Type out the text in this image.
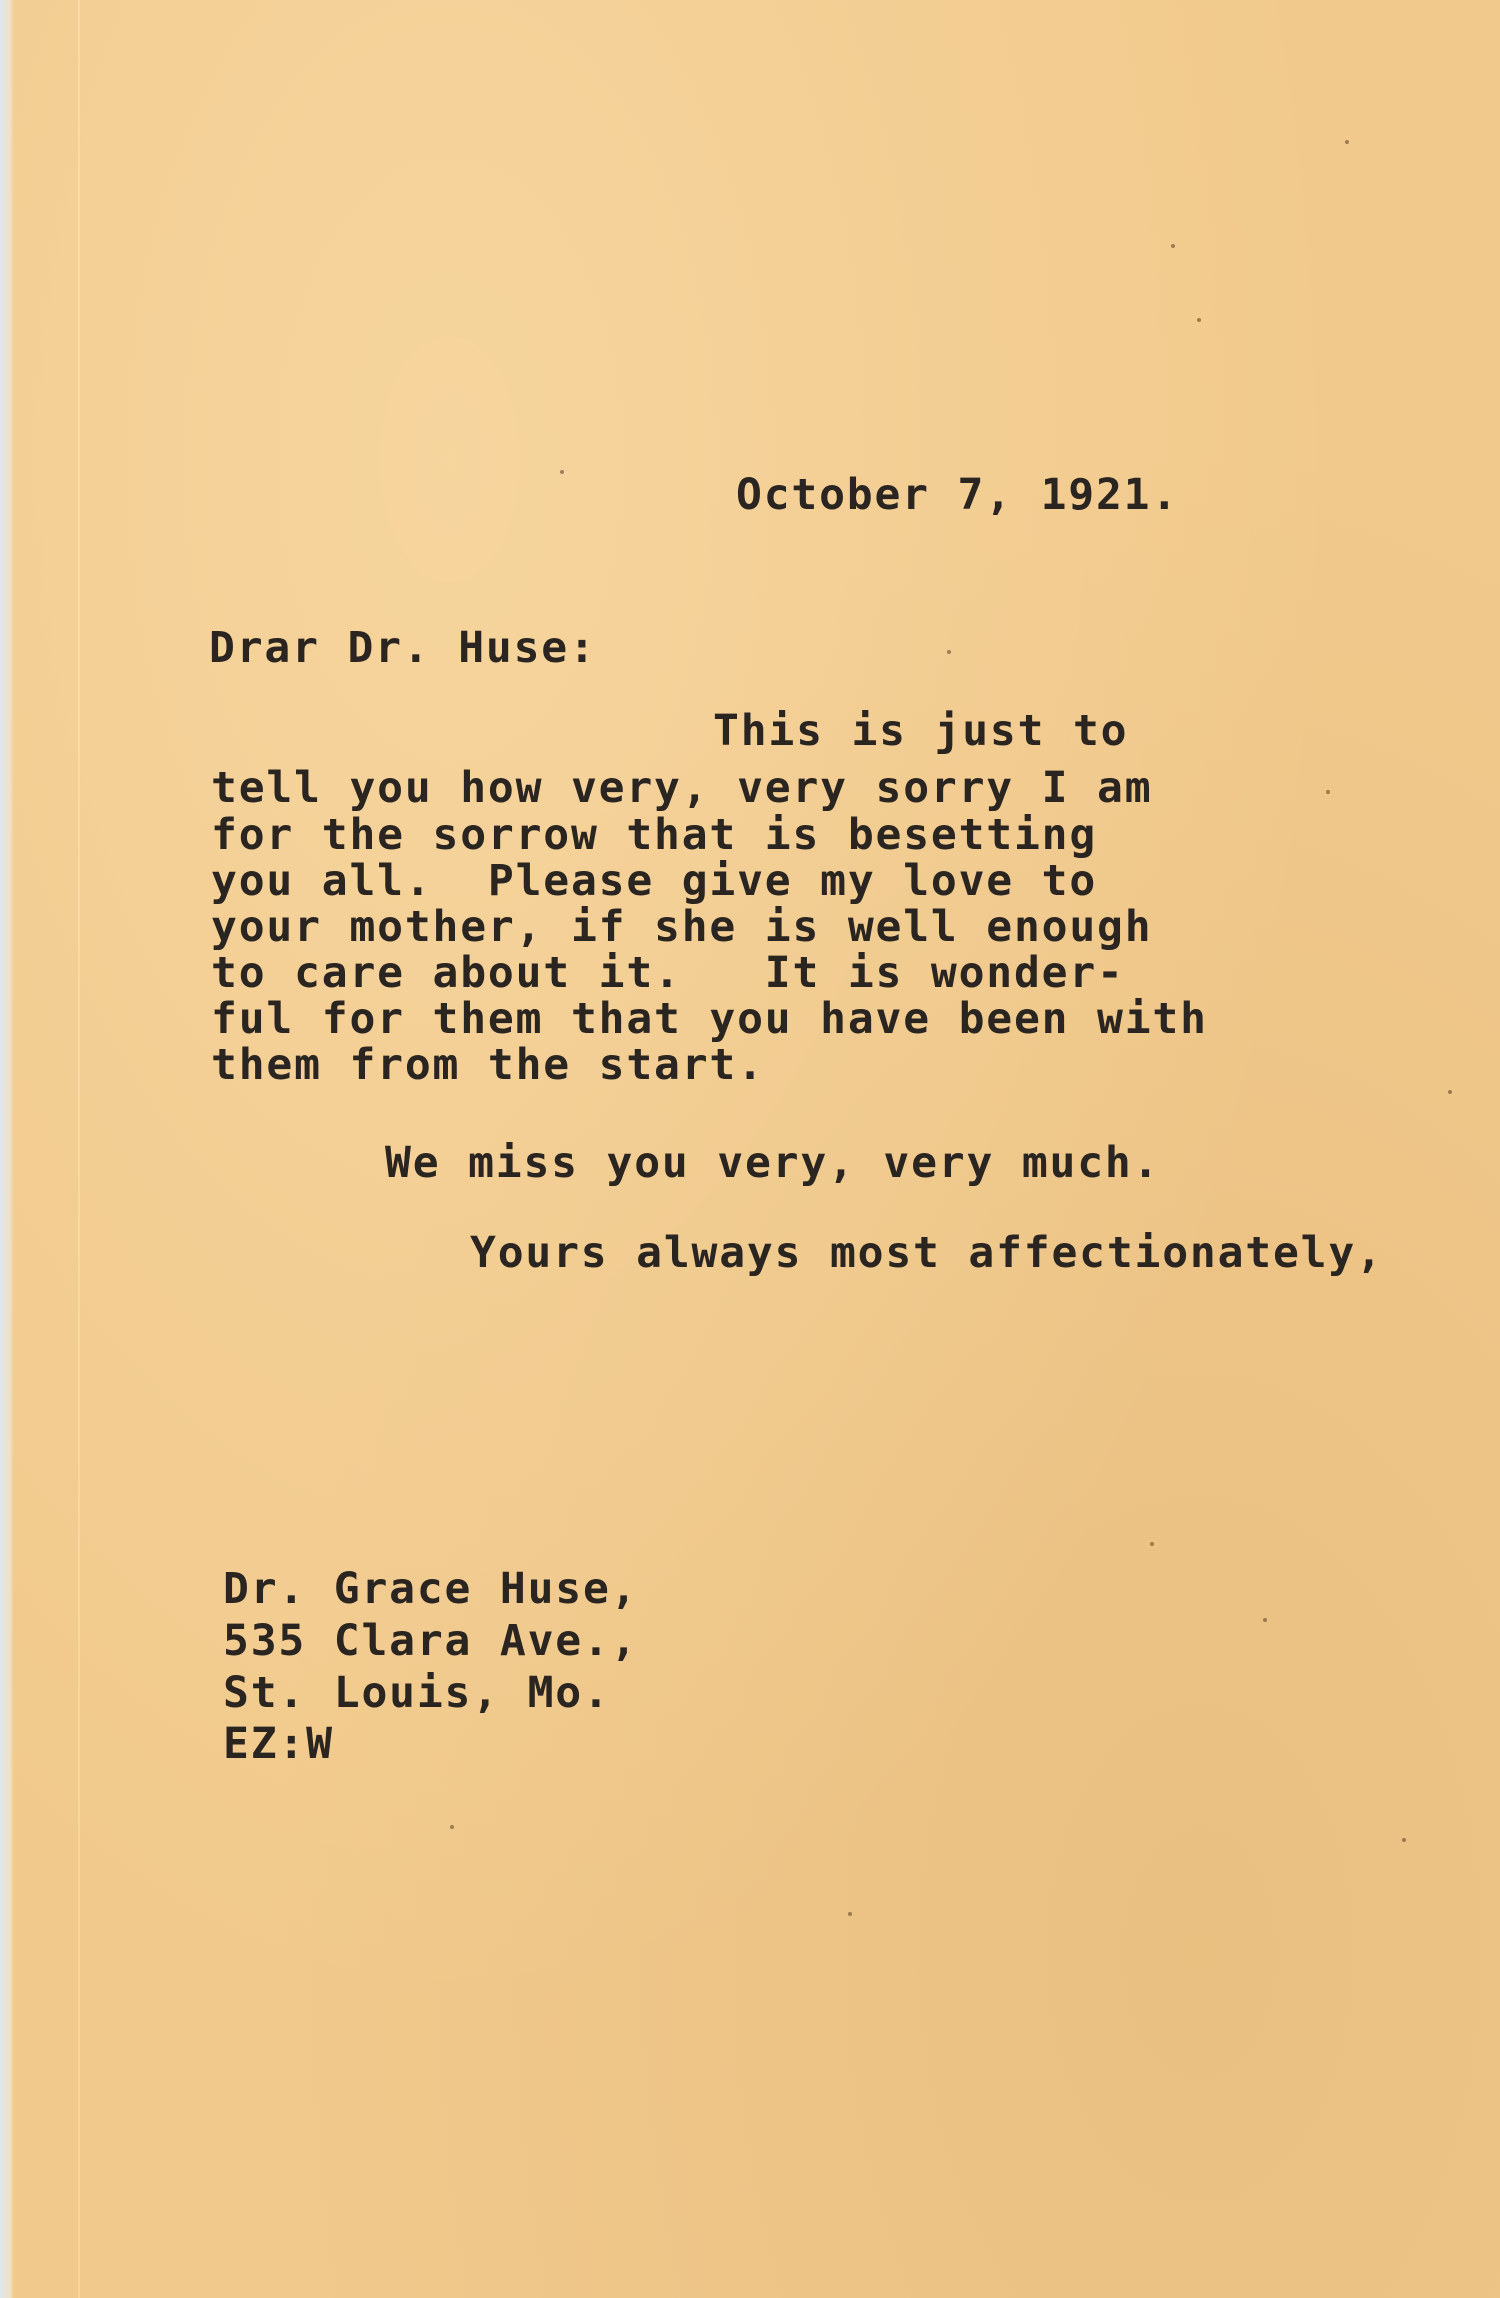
October 7, 1921.

Drar Dr. Huse:

This is just to

tell you how very, very sorry I am

for the sorrow that is besetting

you all.  Please give my love to

your mother, if she is well enough

to care about it.   It is wonder-

ful for them that you have been with

them from the start.

We miss you very, very much.

Yours always most affectionately,

Dr. Grace Huse,

535 Clara Ave.,

St. Louis, Mo.

EZ:W
